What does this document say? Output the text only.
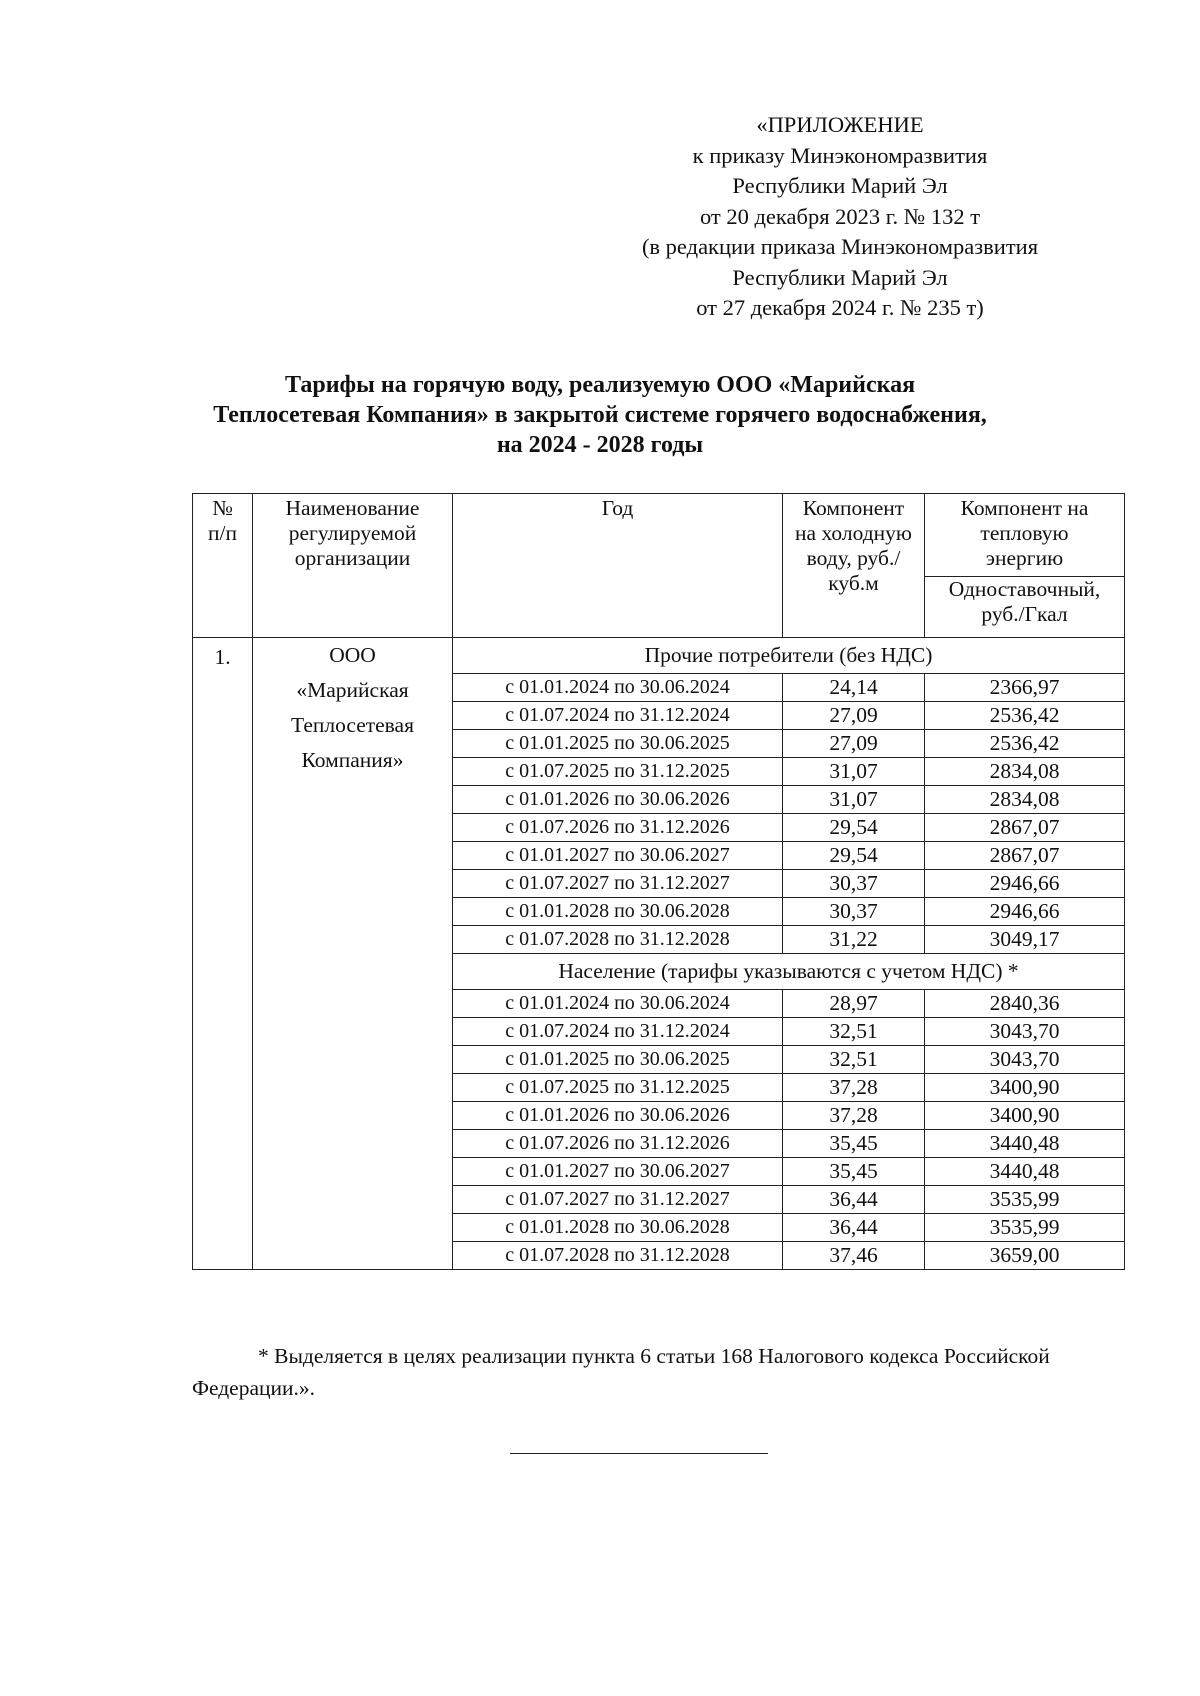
«ПРИЛОЖЕНИЕ
к приказу Минэкономразвития
Республики Марий Эл
от 20 декабря 2023 г. № 132 т
(в редакции приказа Минэкономразвития
Республики Марий Эл
от 27 декабря 2024 г. № 235 т)
Тарифы на горячую воду, реализуемую ООО «Марийская
Теплосетевая Компания» в закрытой системе горячего водоснабжения,
на 2024 - 2028 годы
№ п/п	Наименование регулируемой организации	Год	Компонент на холодную воду, руб./куб.м	Компонент на тепловую энергию
				Одноставочный, руб./Гкал
1.	ООО «Марийская Теплосетевая Компания»	Прочие потребители (без НДС)		
		с 01.01.2024 по 30.06.2024	24,14	2366,97
		с 01.07.2024 по 31.12.2024	27,09	2536,42
		с 01.01.2025 по 30.06.2025	27,09	2536,42
		с 01.07.2025 по 31.12.2025	31,07	2834,08
		с 01.01.2026 по 30.06.2026	31,07	2834,08
		с 01.07.2026 по 31.12.2026	29,54	2867,07
		с 01.01.2027 по 30.06.2027	29,54	2867,07
		с 01.07.2027 по 31.12.2027	30,37	2946,66
		с 01.01.2028 по 30.06.2028	30,37	2946,66
		с 01.07.2028 по 31.12.2028	31,22	3049,17
		Население (тарифы указываются с учетом НДС) *		
		с 01.01.2024 по 30.06.2024	28,97	2840,36
		с 01.07.2024 по 31.12.2024	32,51	3043,70
		с 01.01.2025 по 30.06.2025	32,51	3043,70
		с 01.07.2025 по 31.12.2025	37,28	3400,90
		с 01.01.2026 по 30.06.2026	37,28	3400,90
		с 01.07.2026 по 31.12.2026	35,45	3440,48
		с 01.01.2027 по 30.06.2027	35,45	3440,48
		с 01.07.2027 по 31.12.2027	36,44	3535,99
		с 01.01.2028 по 30.06.2028	36,44	3535,99
		с 01.07.2028 по 31.12.2028	37,46	3659,00
* Выделяется в целях реализации пункта 6 статьи 168 Налогового кодекса Российской
Федерации.».
